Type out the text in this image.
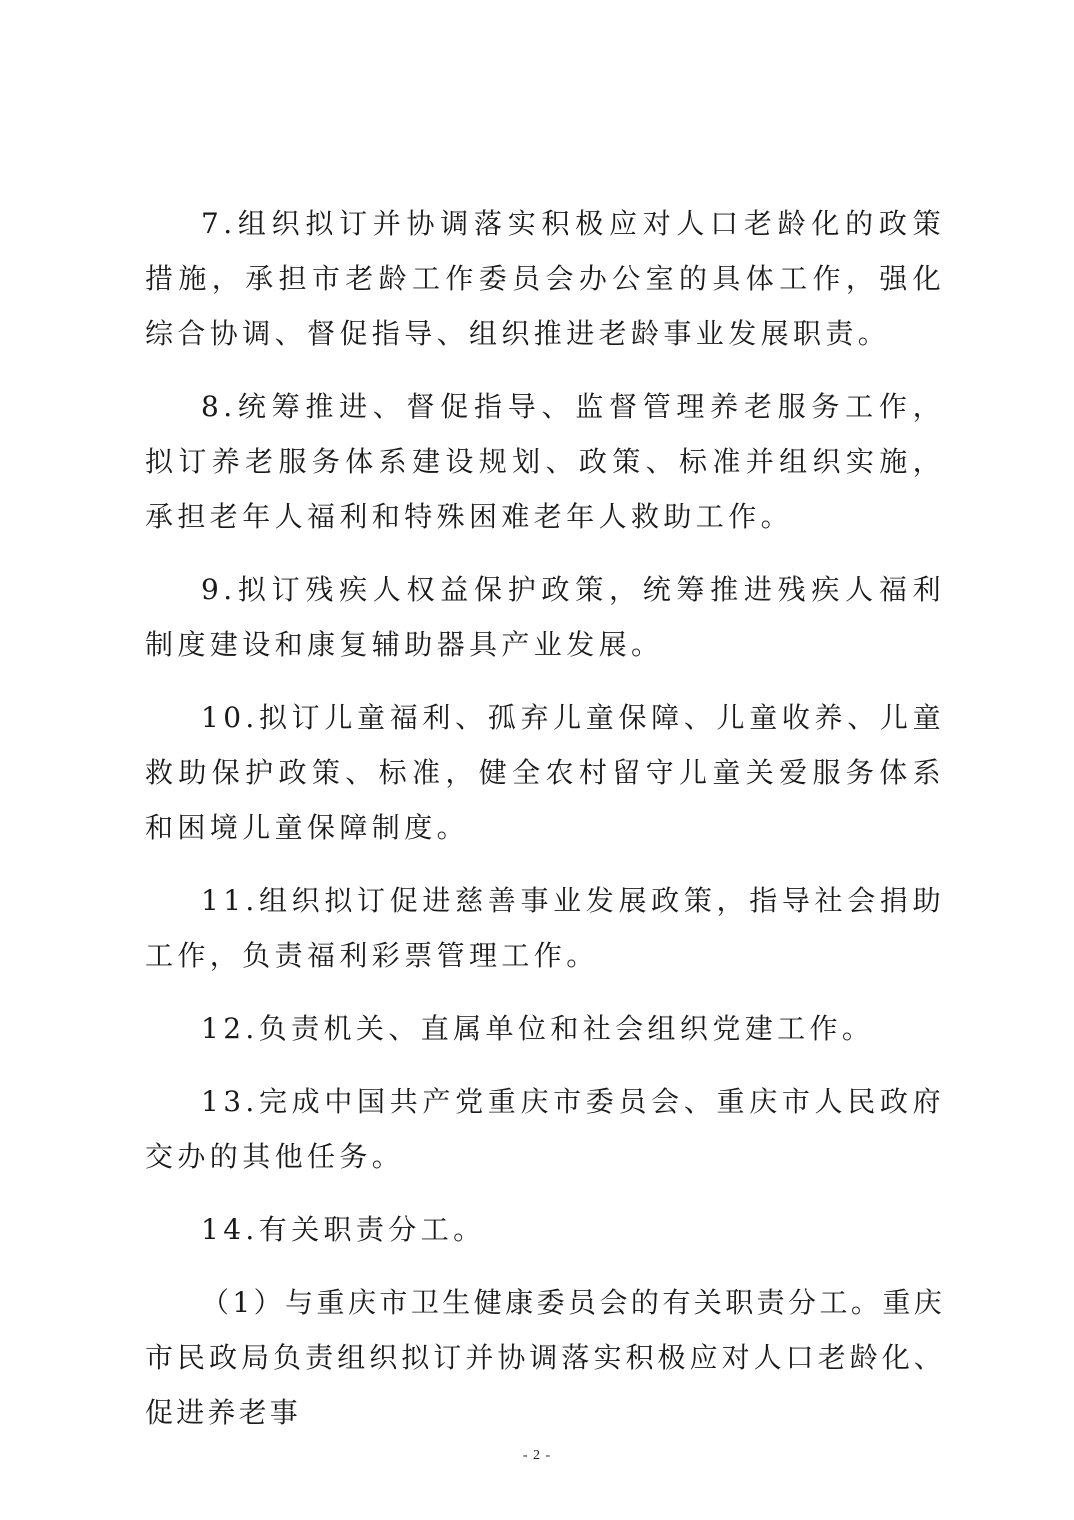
7.组织拟订并协调落实积极应对人口老龄化的政策措施，承担市老龄工作委员会办公室的具体工作，强化综合协调、督促指导、组织推进老龄事业发展职责。

8.统筹推进、督促指导、监督管理养老服务工作，拟订养老服务体系建设规划、政策、标准并组织实施，承担老年人福利和特殊困难老年人救助工作。

9.拟订残疾人权益保护政策，统筹推进残疾人福利制度建设和康复辅助器具产业发展。

10.拟订儿童福利、孤弃儿童保障、儿童收养、儿童救助保护政策、标准，健全农村留守儿童关爱服务体系和困境儿童保障制度。

11.组织拟订促进慈善事业发展政策，指导社会捐助工作，负责福利彩票管理工作。

12.负责机关、直属单位和社会组织党建工作。

13.完成中国共产党重庆市委员会、重庆市人民政府交办的其他任务。

14.有关职责分工。

（1）与重庆市卫生健康委员会的有关职责分工。重庆市民政局负责组织拟订并协调落实积极应对人口老龄化、促进养老事

- 2 -
